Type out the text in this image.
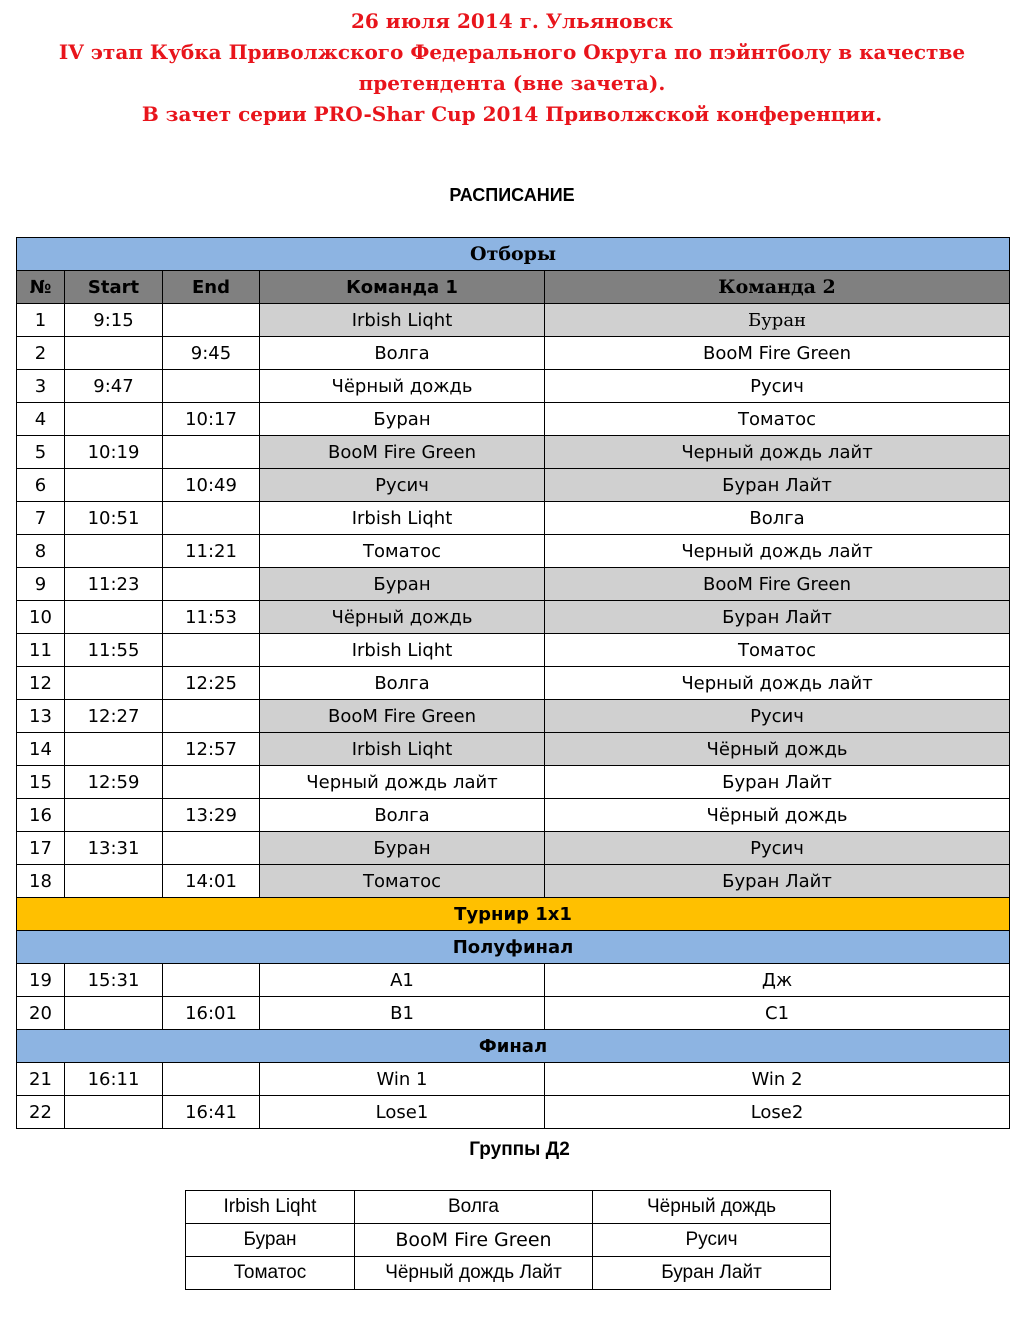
26 июля 2014 г. Ульяновск
IV этап Кубка Приволжского Федерального Округа по пэйнтболу в качестве
претендента (вне зачета).
В зачет серии PRO-Shar Cup 2014 Приволжской конференции.
РАСПИСАНИЕ
Отборы				
№	Start	End	Команда 1	Команда 2
1	9:15		Irbish Liqht	Буран
2		9:45	Волга	BooM Fire Green
3	9:47		Чёрный дождь	Русич
4		10:17	Буран	Томатос
5	10:19		BooM Fire Green	Черный дождь лайт
6		10:49	Русич	Буран Лайт
7	10:51		Irbish Liqht	Волга
8		11:21	Томатос	Черный дождь лайт
9	11:23		Буран	BooM Fire Green
10		11:53	Чёрный дождь	Буран Лайт
11	11:55		Irbish Liqht	Томатос
12		12:25	Волга	Черный дождь лайт
13	12:27		BooM Fire Green	Русич
14		12:57	Irbish Liqht	Чёрный дождь
15	12:59		Черный дождь лайт	Буран Лайт
16		13:29	Волга	Чёрный дождь
17	13:31		Буран	Русич
18		14:01	Томатос	Буран Лайт
Турнир 1х1				
Полуфинал				
19	15:31		A1	Дж
20		16:01	B1	C1
Финал				
21	16:11		Win 1	Win 2
22		16:41	Lose1	Lose2
Группы Д2
Irbish Liqht	Волга	Чёрный дождь
Буран	BooM Fire Green	Русич
Томатос	Чёрный дождь Лайт	Буран Лайт
